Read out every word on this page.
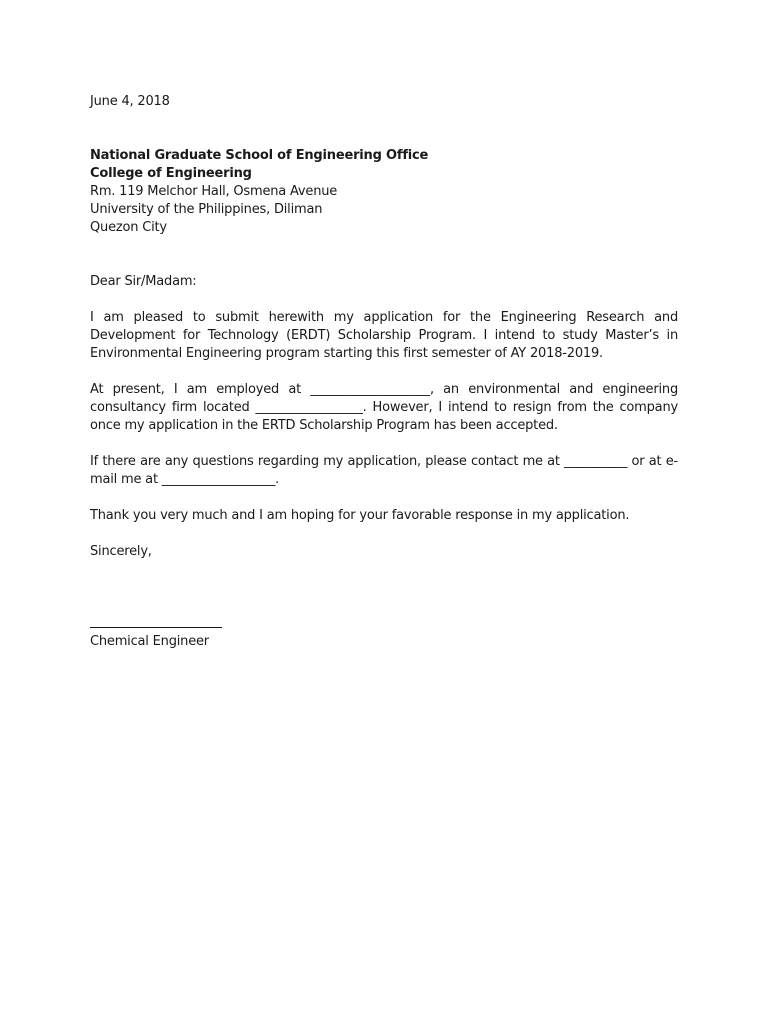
June 4, 2018

National Graduate School of Engineering Office
College of Engineering
Rm. 119 Melchor Hall, Osmena Avenue
University of the Philippines, Diliman
Quezon City

Dear Sir/Madam:

I am pleased to submit herewith my application for the Engineering Research and Development for Technology (ERDT) Scholarship Program. I intend to study Master’s in Environmental Engineering program starting this first semester of AY 2018-2019.

At present, I am employed at ___________________, an environmental and engineering consultancy firm located _________________. However, I intend to resign from the company once my application in the ERTD Scholarship Program has been accepted.

If there are any questions regarding my application, please contact me at __________ or at e-mail me at __________________.

Thank you very much and I am hoping for your favorable response in my application.

Sincerely,

Chemical Engineer
